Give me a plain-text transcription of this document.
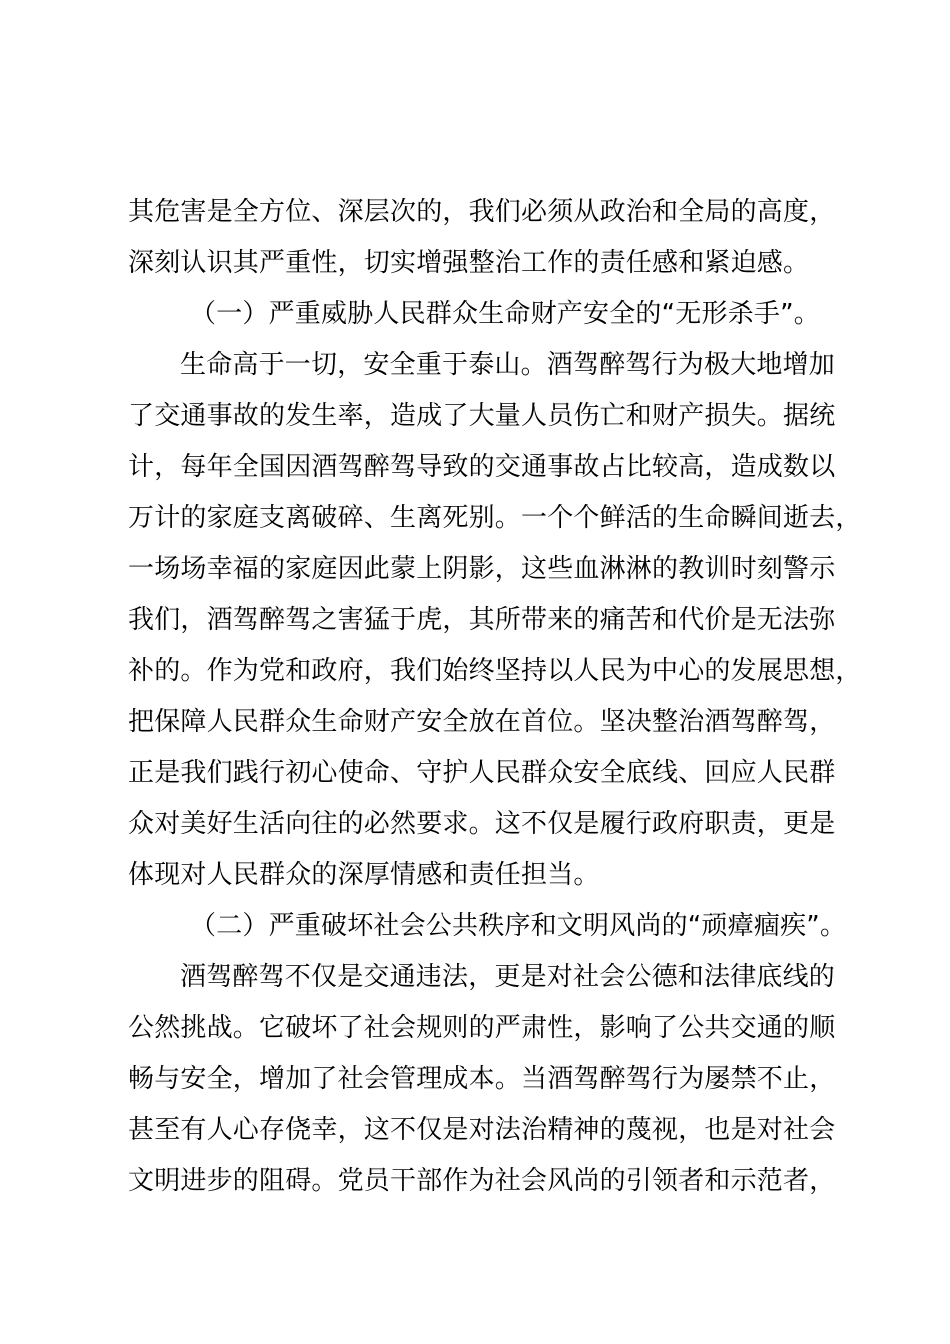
其危害是全方位、深层次的，我们必须从政治和全局的高度，
深刻认识其严重性，切实增强整治工作的责任感和紧迫感。
（一）严重威胁人民群众生命财产安全的“无形杀手”。
生命高于一切，安全重于泰山。酒驾醉驾行为极大地增加
了交通事故的发生率，造成了大量人员伤亡和财产损失。据统
计，每年全国因酒驾醉驾导致的交通事故占比较高，造成数以
万计的家庭支离破碎、生离死别。一个个鲜活的生命瞬间逝去，
一场场幸福的家庭因此蒙上阴影，这些血淋淋的教训时刻警示
我们，酒驾醉驾之害猛于虎，其所带来的痛苦和代价是无法弥
补的。作为党和政府，我们始终坚持以人民为中心的发展思想，
把保障人民群众生命财产安全放在首位。坚决整治酒驾醉驾，
正是我们践行初心使命、守护人民群众安全底线、回应人民群
众对美好生活向往的必然要求。这不仅是履行政府职责，更是
体现对人民群众的深厚情感和责任担当。
（二）严重破坏社会公共秩序和文明风尚的“顽瘴痼疾”。
酒驾醉驾不仅是交通违法，更是对社会公德和法律底线的
公然挑战。它破坏了社会规则的严肃性，影响了公共交通的顺
畅与安全，增加了社会管理成本。当酒驾醉驾行为屡禁不止，
甚至有人心存侥幸，这不仅是对法治精神的蔑视，也是对社会
文明进步的阻碍。党员干部作为社会风尚的引领者和示范者，
